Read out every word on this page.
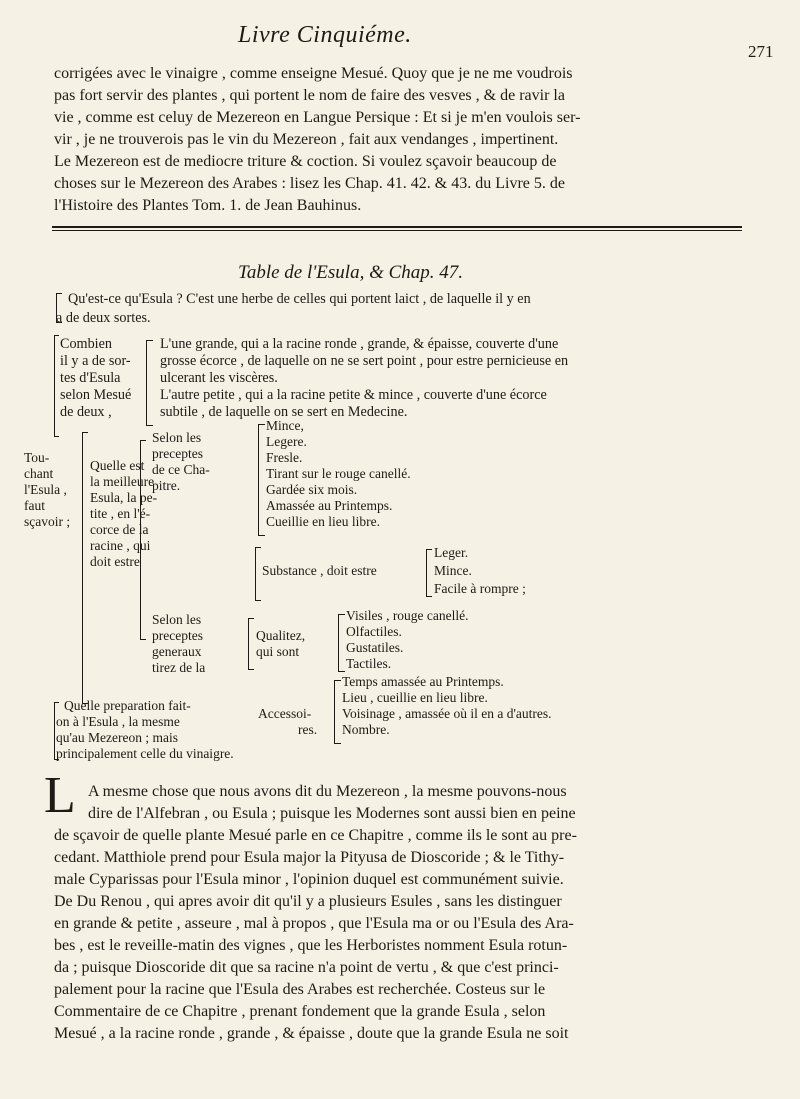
Livre Cinquiéme.
271
corrigées avec le vinaigre , comme enseigne Mesué. Quoy que je ne me voudrois
pas fort servir des plantes , qui portent le nom de faire des vesves , & de ravir la
vie , comme est celuy de Mezereon en Langue Persique : Et si je m'en voulois ser-
vir , je ne trouverois pas le vin du Mezereon , fait aux vendanges , impertinent.
Le Mezereon est de mediocre triture & coction. Si voulez sçavoir beaucoup de
choses sur le Mezereon des Arabes : lisez les Chap. 41. 42. & 43. du Livre 5. de
l'Histoire des Plantes Tom. 1. de Jean Bauhinus.
Table de l'Esula, & Chap. 47.
Qu'est-ce qu'Esula ? C'est une herbe de celles qui portent laict , de laquelle il y en
a de deux sortes.
Combien
il y a de sor-
tes d'Esula
selon Mesué
de deux ,
L'une grande, qui a la racine ronde , grande, & épaisse, couverte d'une
grosse écorce , de laquelle on ne se sert point , pour estre pernicieuse en
ulcerant les viscères.
L'autre petite , qui a la racine petite & mince , couverte d'une écorce
subtile , de laquelle on se sert en Medecine.
Tou-
chant
l'Esula ,
faut
sçavoir ;
Quelle est
la meilleure
Esula, la pe-
tite , en l'é-
corce de la
racine , qui
doit estre
Selon les
preceptes
de ce Cha-
pitre.
Mince,
Legere.
Fresle.
Tirant sur le rouge canellé.
Gardée six mois.
Amassée au Printemps.
Cueillie en lieu libre.
Substance , doit estre
Leger.
Mince.
Facile à rompre ;
Selon les
preceptes
generaux
tirez de la
Qualitez,
qui sont
Visiles , rouge canellé.
Olfactiles.
Gustatiles.
Tactiles.
Quelle preparation fait-
on à l'Esula , la mesme
qu'au Mezereon ; mais
principalement celle du vinaigre.
Accessoi-
res.
Temps amassée au Printemps.
Lieu , cueillie en lieu libre.
Voisinage , amassée où il en a d'autres.
Nombre.
L A mesme chose que nous avons dit du Mezereon , la mesme pouvons-nous
dire de l'Alfebran , ou Esula ; puisque les Modernes sont aussi bien en peine
de sçavoir de quelle plante Mesué parle en ce Chapitre , comme ils le sont au pre-
cedant. Matthiole prend pour Esula major la Pityusa de Dioscoride ; & le Tithy-
male Cyparissas pour l'Esula minor , l'opinion duquel est communément suivie.
De Du Renou , qui apres avoir dit qu'il y a plusieurs Esules , sans les distinguer
en grande & petite , asseure , mal à propos , que l'Esula ma or ou l'Esula des Ara-
bes , est le reveille-matin des vignes , que les Herboristes nomment Esula rotun-
da ; puisque Dioscoride dit que sa racine n'a point de vertu , & que c'est princi-
palement pour la racine que l'Esula des Arabes est recherchée. Costeus sur le
Commentaire de ce Chapitre , prenant fondement que la grande Esula , selon
Mesué , a la racine ronde , grande , & épaisse , doute que la grande Esula ne soit
